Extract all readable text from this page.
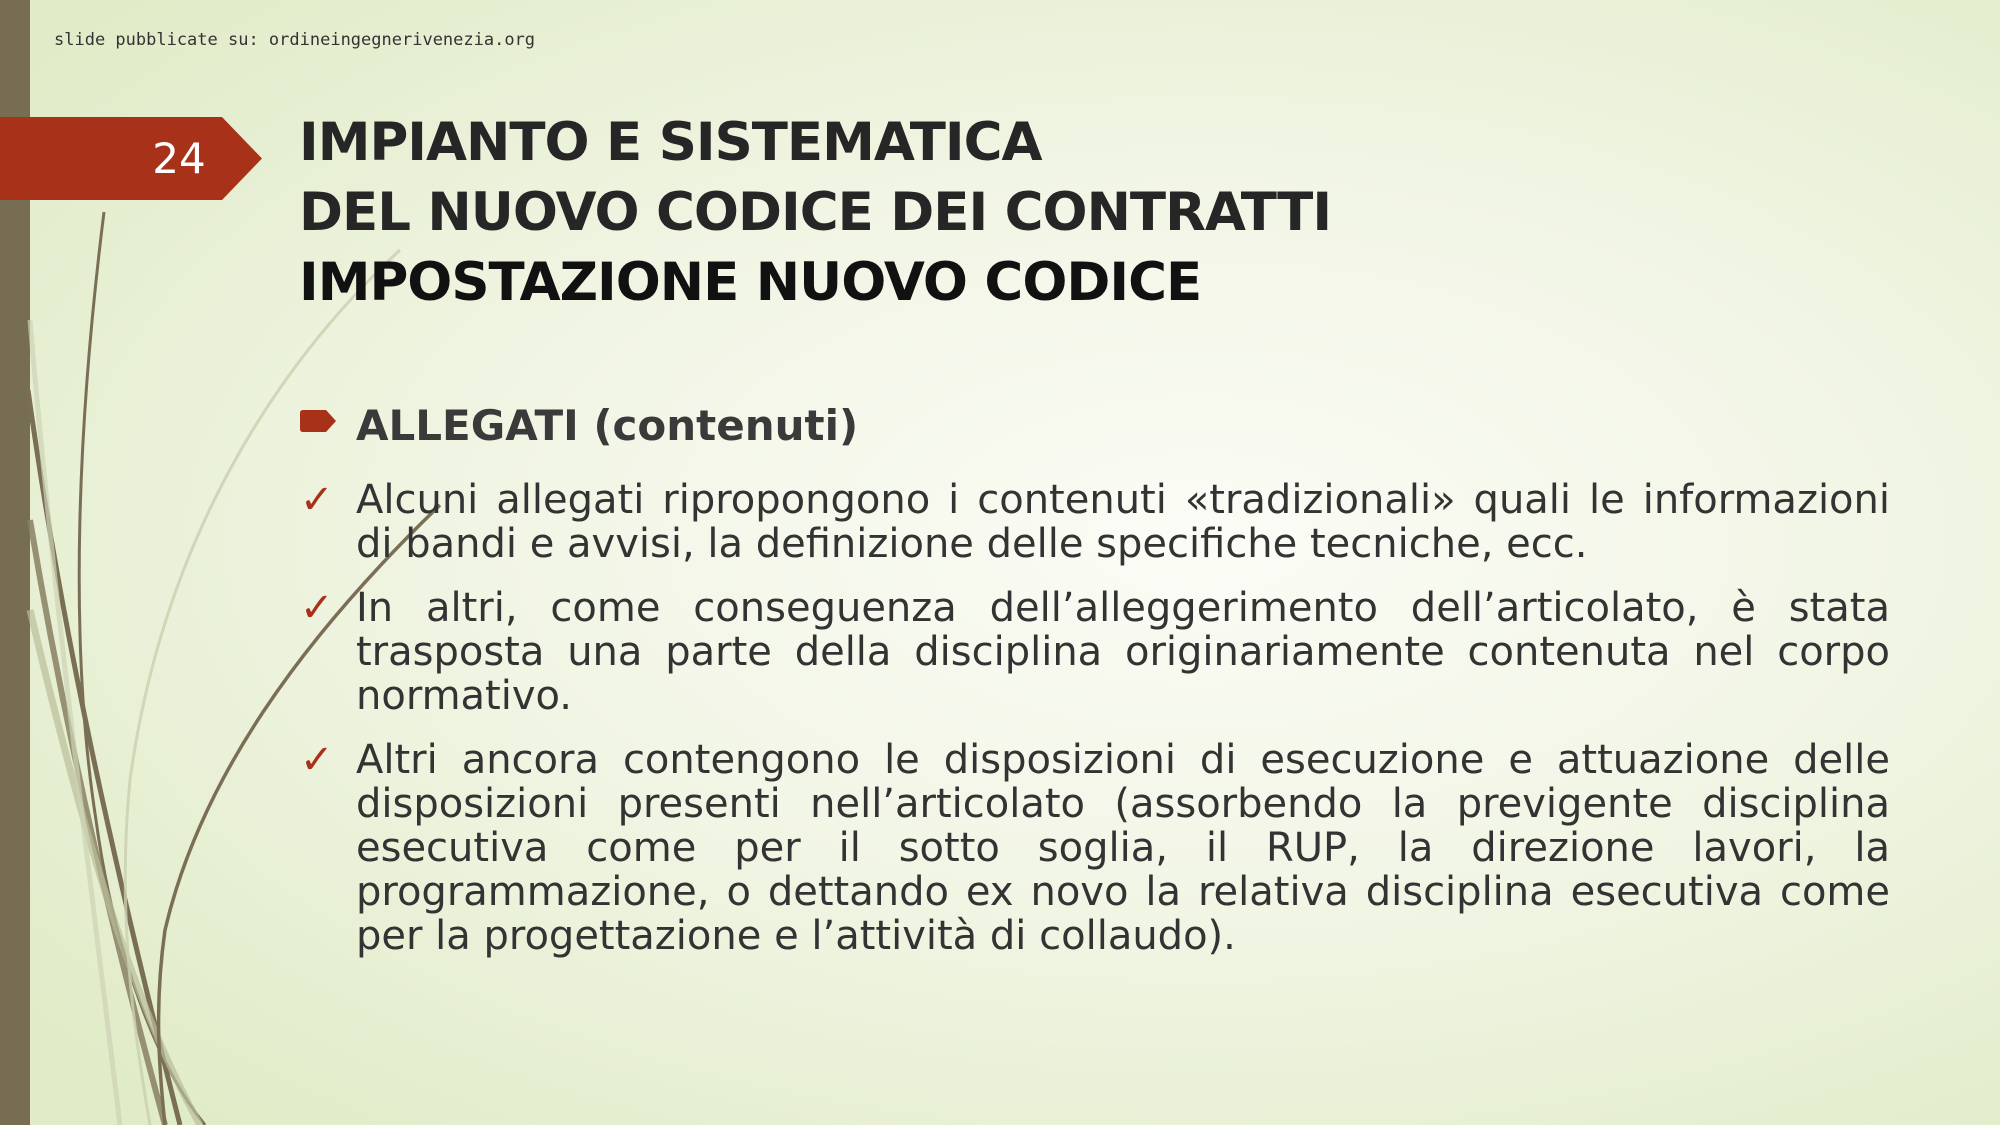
slide pubblicate su: ordineingegnerivenezia.org
24 IMPIANTO E SISTEMATICA
DEL NUOVO CODICE DEI CONTRATTI
IMPOSTAZIONE NUOVO CODICE
ALLEGATI (contenuti)
✓ Alcuni allegati ripropongono i contenuti «tradizionali» quali le informazioni di bandi e avvisi, la definizione delle specifiche tecniche, ecc.

✓ In altri, come conseguenza dell’alleggerimento dell’articolato, è stata trasposta una parte della disciplina originariamente contenuta nel corpo normativo.

✓ Altri ancora contengono le disposizioni di esecuzione e attuazione delle disposizioni presenti nell’articolato (assorbendo la previgente disciplina esecutiva come per il sotto soglia, il RUP, la direzione lavori, la programmazione, o dettando ex novo la relativa disciplina esecutiva come per la progettazione e l’attività di collaudo).
